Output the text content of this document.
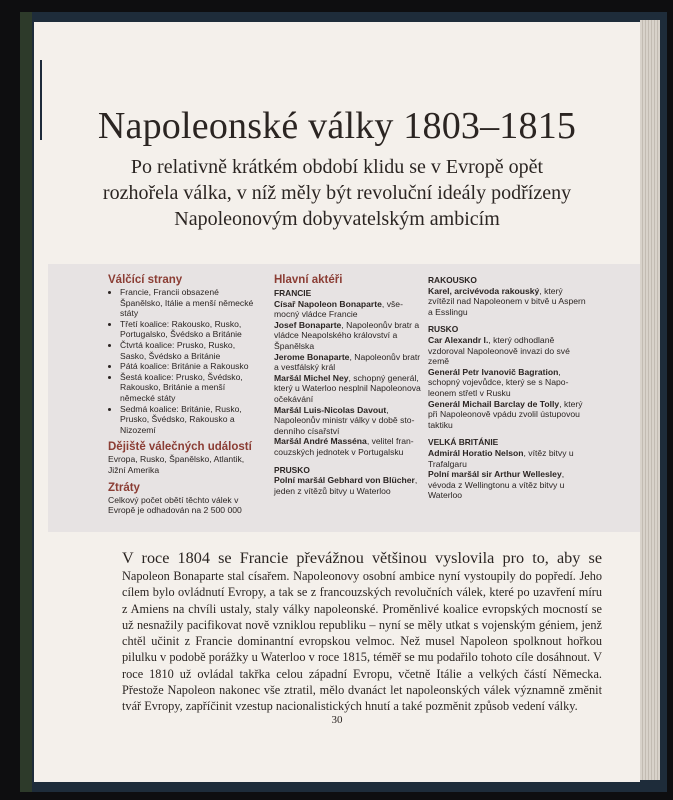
Napoleonské války 1803–1815

Po relativně krátkém období klidu se v Evropě opět rozhořela válka, v níž měly být revoluční ideály podřízeny Napoleonovým dobyvatelským ambicím

Válčící strany
• Francie, Francii obsazené Španělsko, Itálie a menší německé státy
• Třetí koalice: Rakousko, Rusko, Portugalsko, Švédsko a Británie
• Čtvrtá koalice: Prusko, Rusko, Sasko, Švédsko a Británie
• Pátá koalice: Británie a Rakousko
• Šestá koalice: Prusko, Švédsko, Rakousko, Británie a menší německé státy
• Sedmá koalice: Británie, Rusko, Prusko, Švédsko, Rakousko a Nizozemí
Dějiště válečných událostí
Evropa, Rusko, Španělsko, Atlantik, Jižní Amerika
Ztráty
Celkový počet obětí těchto válek v Evropě je odhadován na 2 500 000
Hlavní aktéři
FRANCIE
Císař Napoleon Bonaparte, všemocný vládce Francie
Josef Bonaparte, Napoleonův bratr a vládce Neapolského království a Španělska
Jerome Bonaparte, Napoleonův bratr a vestfálský král
Maršál Michel Ney, schopný generál, který u Waterloo nesplnil Napoleonova očekávání
Maršál Luis-Nicolas Davout, Napoleonův ministr války v době stodenního císařství
Maršál André Masséna, velitel francouzských jednotek v Portugalsku
PRUSKO
Polní maršál Gebhard von Blücher, jeden z vítězů bitvy u Waterloo
RAKOUSKO
Karel, arcivévoda rakouský, který zvítězil nad Napoleonem v bitvě u Aspern a Esslingu
RUSKO
Car Alexandr I., který odhodlaně vzdoroval Napoleonově invazi do své země
Generál Petr Ivanovič Bagration, schopný vojevůdce, který se s Napoleonem střetl v Rusku
Generál Michail Barclay de Tolly, který při Napoleonově vpádu zvolil ústupovou taktiku
VELKÁ BRITÁNIE
Admirál Horatio Nelson, vítěz bitvy u Trafalgaru
Polní maršál sir Arthur Wellesley, vévoda z Wellingtonu a vítěz bitvy u Waterloo
V roce 1804 se Francie převážnou většinou vyslovila pro to, aby se Napoleon Bonaparte stal císařem. Napoleonovy osobní ambice nyní vystoupily do popředí. Jeho cílem bylo ovládnutí Evropy, a tak se z francouzských revolučních válek, které po uzavření míru z Amiens na chvíli ustaly, staly války napoleonské. Proměnlivé koalice evropských mocností se už nesnažily pacifikovat nově vzniklou republiku – nyní se měly utkat s vojenským géniem, jenž chtěl učinit z Francie dominantní evropskou velmoc. Než musel Napoleon spolknout hořkou pilulku v podobě porážky u Waterloo v roce 1815, téměř se mu podařilo tohoto cíle dosáhnout. V roce 1810 už ovládal takřka celou západní Evropu, včetně Itálie a velkých částí Německa. Přestože Napoleon nakonec vše ztratil, mělo dvanáct let napoleonských válek významně změnit tvář Evropy, zapříčinit vzestup nacionalistických hnutí a také pozměnit způsob vedení války.
30
